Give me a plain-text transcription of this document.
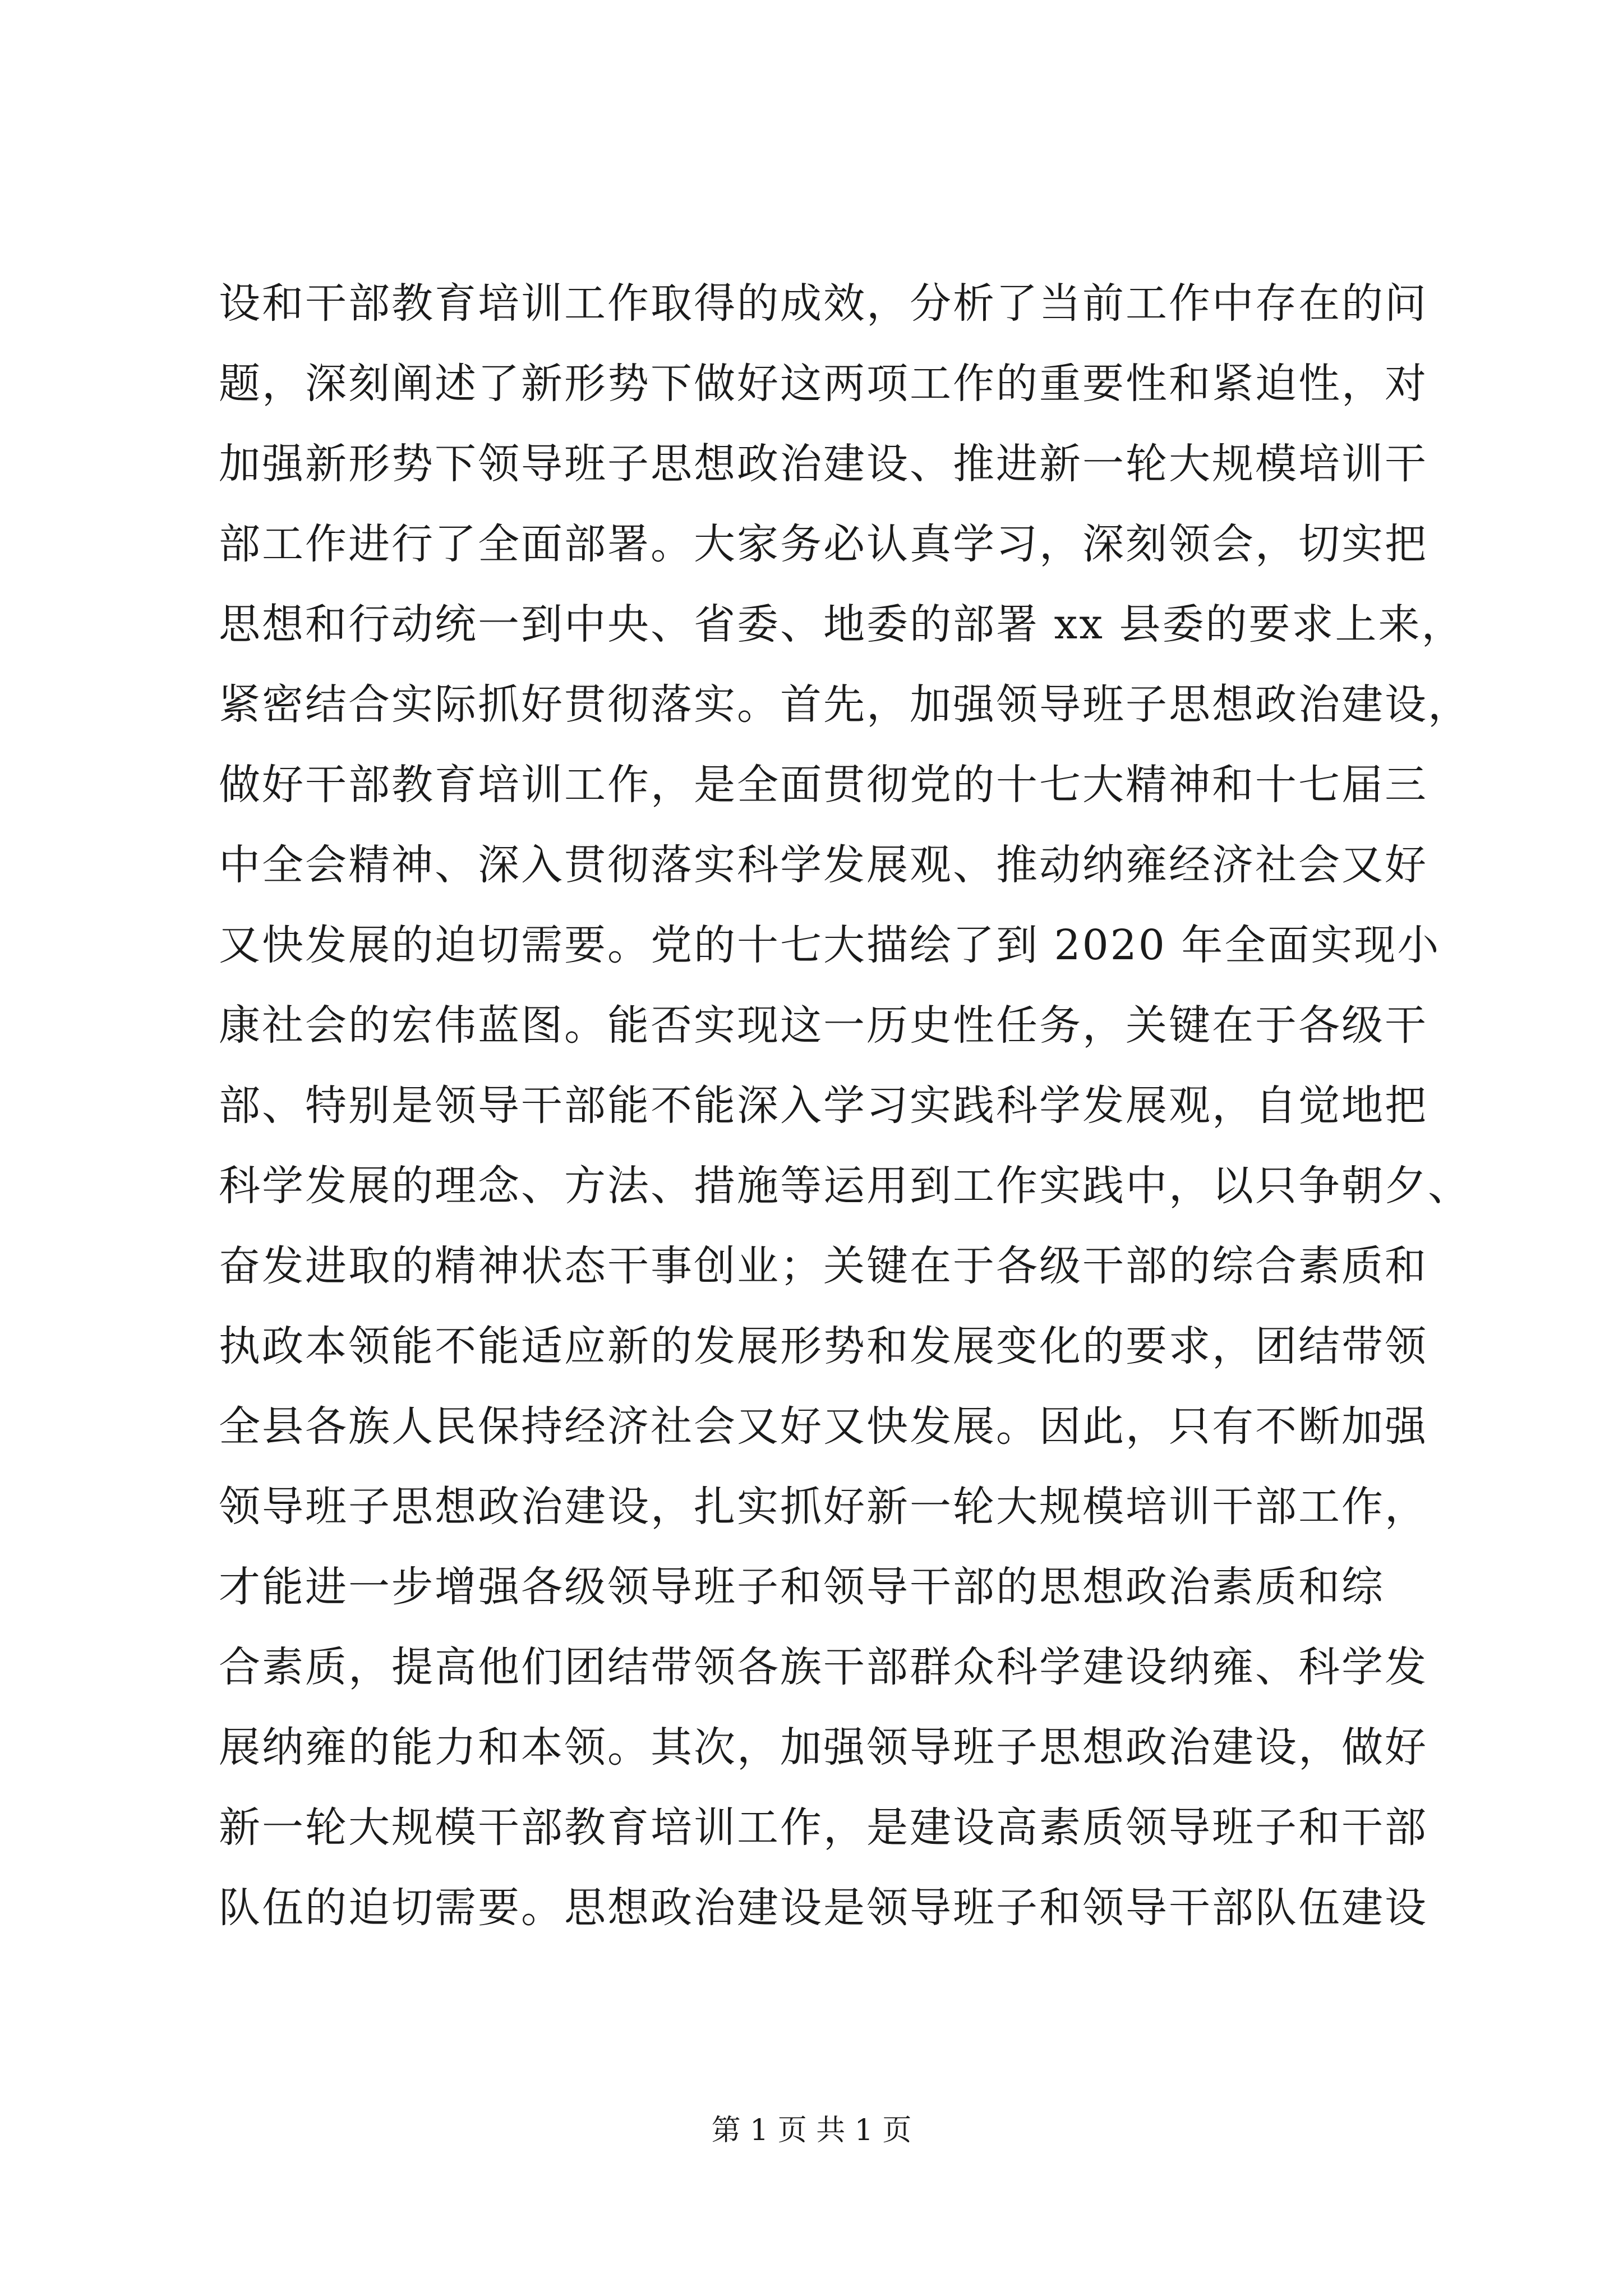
设和干部教育培训工作取得的成效，分析了当前工作中存在的问
题，深刻阐述了新形势下做好这两项工作的重要性和紧迫性，对
加强新形势下领导班子思想政治建设、推进新一轮大规模培训干
部工作进行了全面部署。大家务必认真学习，深刻领会，切实把
思想和行动统一到中央、省委、地委的部署 xx 县委的要求上来，
紧密结合实际抓好贯彻落实。首先，加强领导班子思想政治建设，
做好干部教育培训工作，是全面贯彻党的十七大精神和十七届三
中全会精神、深入贯彻落实科学发展观、推动纳雍经济社会又好
又快发展的迫切需要。党的十七大描绘了到 2020 年全面实现小
康社会的宏伟蓝图。能否实现这一历史性任务，关键在于各级干
部、特别是领导干部能不能深入学习实践科学发展观，自觉地把
科学发展的理念、方法、措施等运用到工作实践中，以只争朝夕、
奋发进取的精神状态干事创业；关键在于各级干部的综合素质和
执政本领能不能适应新的发展形势和发展变化的要求，团结带领
全县各族人民保持经济社会又好又快发展。因此，只有不断加强
领导班子思想政治建设，扎实抓好新一轮大规模培训干部工作，
才能进一步增强各级领导班子和领导干部的思想政治素质和综
合素质，提高他们团结带领各族干部群众科学建设纳雍、科学发
展纳雍的能力和本领。其次，加强领导班子思想政治建设，做好
新一轮大规模干部教育培训工作，是建设高素质领导班子和干部
队伍的迫切需要。思想政治建设是领导班子和领导干部队伍建设
第 1 页 共 1 页
